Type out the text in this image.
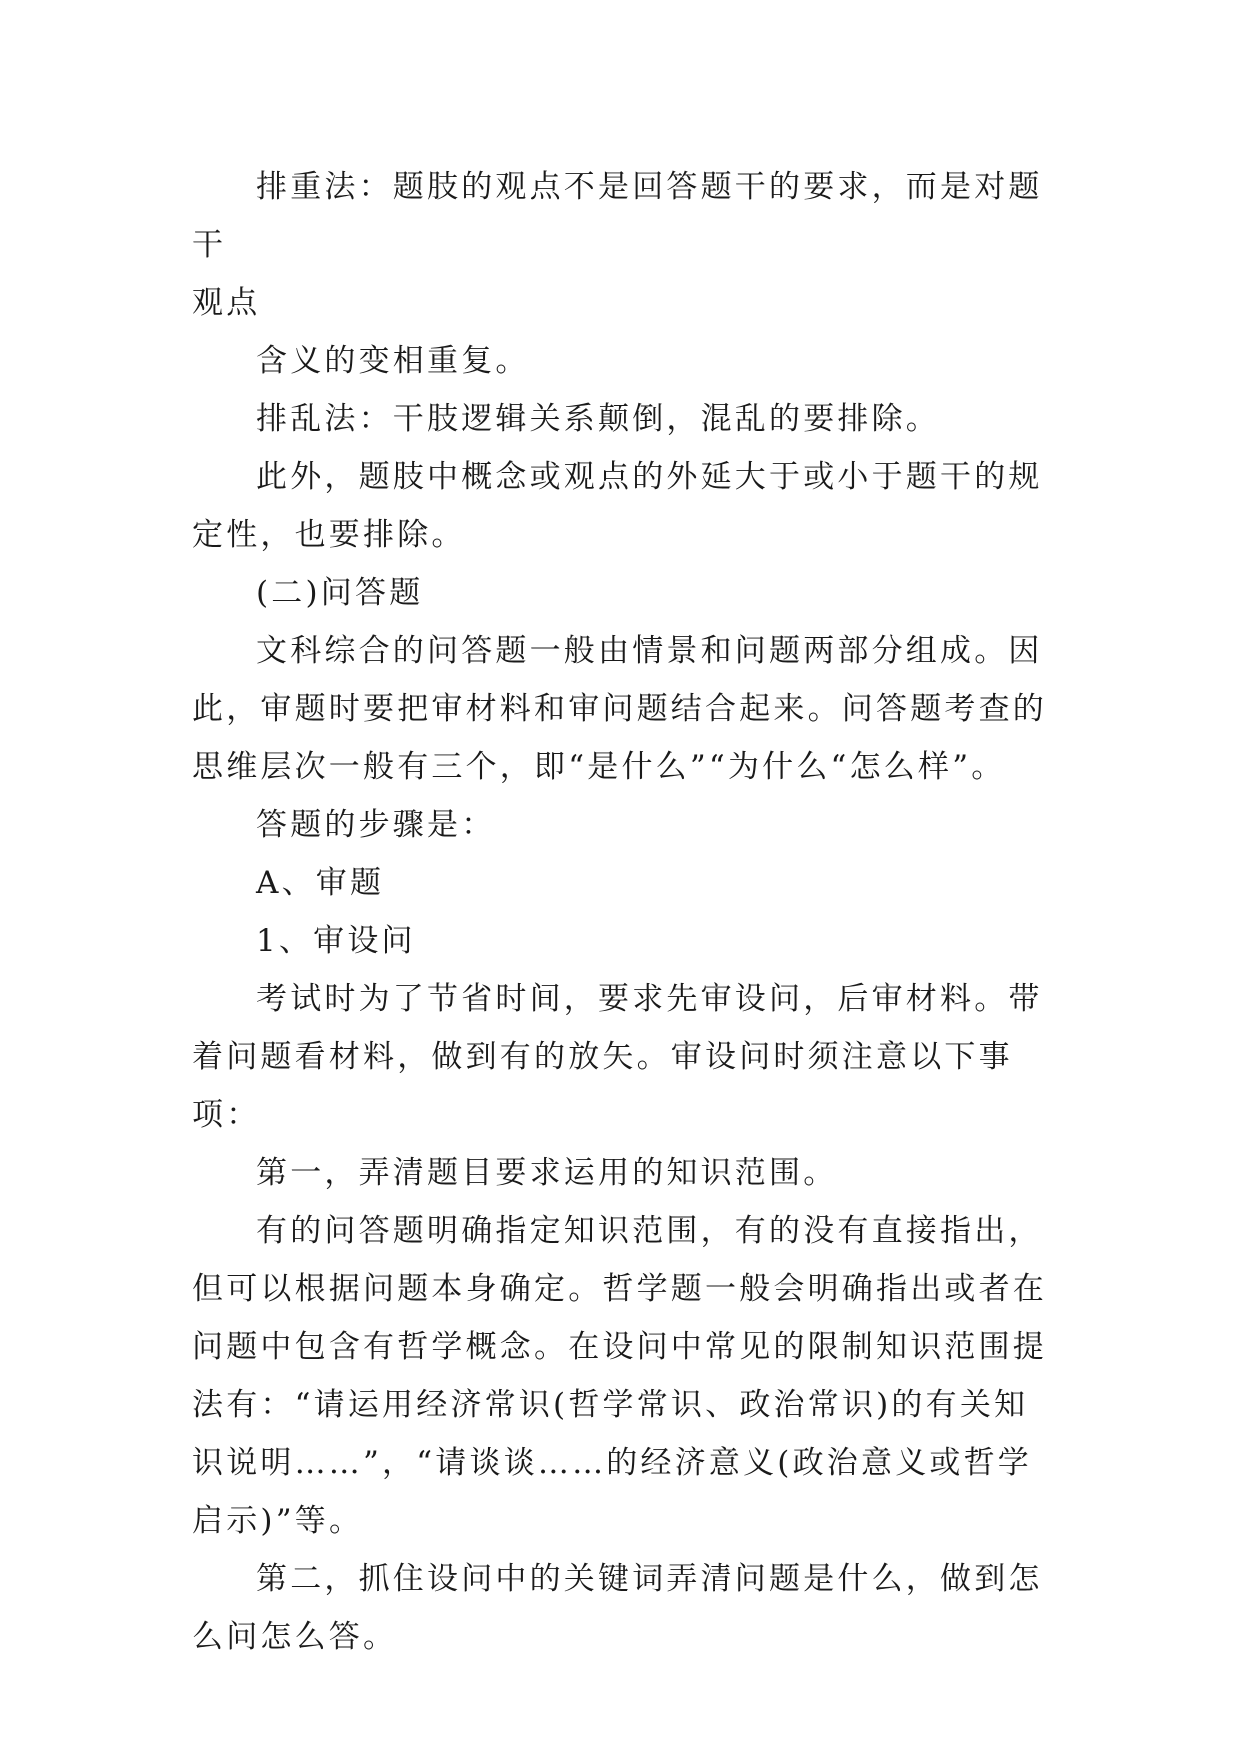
排重法：题肢的观点不是回答题干的要求，而是对题干
观点

含义的变相重复。

排乱法：干肢逻辑关系颠倒，混乱的要排除。

此外，题肢中概念或观点的外延大于或小于题干的规定性，也要排除。

(二)问答题

文科综合的问答题一般由情景和问题两部分组成。因此，审题时要把审材料和审问题结合起来。问答题考查的思维层次一般有三个，即“是什么”“为什么“怎么样”。

答题的步骤是：

A、审题

1、审设问

考试时为了节省时间，要求先审设问，后审材料。带着问题看材料，做到有的放矢。审设问时须注意以下事项：

第一，弄清题目要求运用的知识范围。

有的问答题明确指定知识范围，有的没有直接指出，但可以根据问题本身确定。哲学题一般会明确指出或者在问题中包含有哲学概念。在设问中常见的限制知识范围提法有：“请运用经济常识(哲学常识、政治常识)的有关知识说明……”，“请谈谈……的经济意义(政治意义或哲学启示)”等。

第二，抓住设问中的关键词弄清问题是什么，做到怎么问怎么答。
